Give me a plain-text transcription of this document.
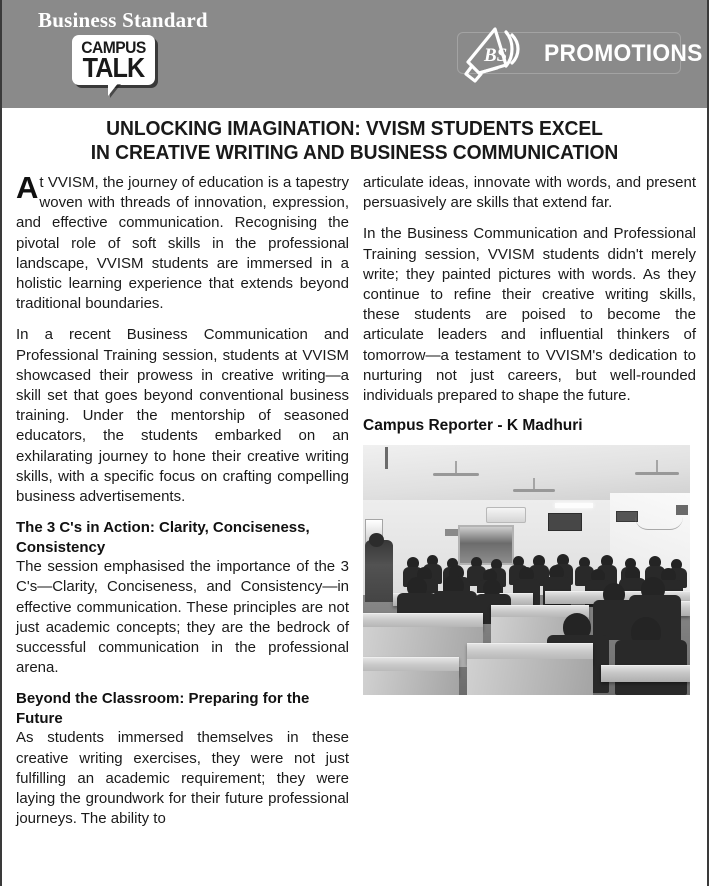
Business Standard
CAMPUS
TALK	BS PROMOTIONS
UNLOCKING IMAGINATION: VVISM STUDENTS EXCEL
IN CREATIVE WRITING AND BUSINESS COMMUNICATION

At VVISM, the journey of education is a tapestry woven with threads of innovation, expression, and effective communication. Recognising the pivotal role of soft skills in the professional landscape, VVISM students are immersed in a holistic learning experience that extends beyond traditional boundaries.

In a recent Business Communication and Professional Training session, students at VVISM showcased their prowess in creative writing—a skill set that goes beyond conventional business training. Under the mentorship of seasoned educators, the students embarked on an exhilarating journey to hone their creative writing skills, with a specific focus on crafting compelling business advertisements.

The 3 C's in Action: Clarity, Conciseness, Consistency

The session emphasised the importance of the 3 C's—Clarity, Conciseness, and Consistency—in effective communication. These principles are not just academic concepts; they are the bedrock of successful communication in the professional arena.

Beyond the Classroom: Preparing for the Future

As students immersed themselves in these creative writing exercises, they were not just fulfilling an academic requirement; they were laying the groundwork for their future professional journeys. The ability to

articulate ideas, innovate with words, and present persuasively are skills that extend far.

In the Business Communication and Professional Training session, VVISM students didn't merely write; they painted pictures with words. As they continue to refine their creative writing skills, these students are poised to become the articulate leaders and influential thinkers of tomorrow—a testament to VVISM's dedication to nurturing not just careers, but well-rounded individuals prepared to shape the future.

Campus Reporter - K Madhuri
